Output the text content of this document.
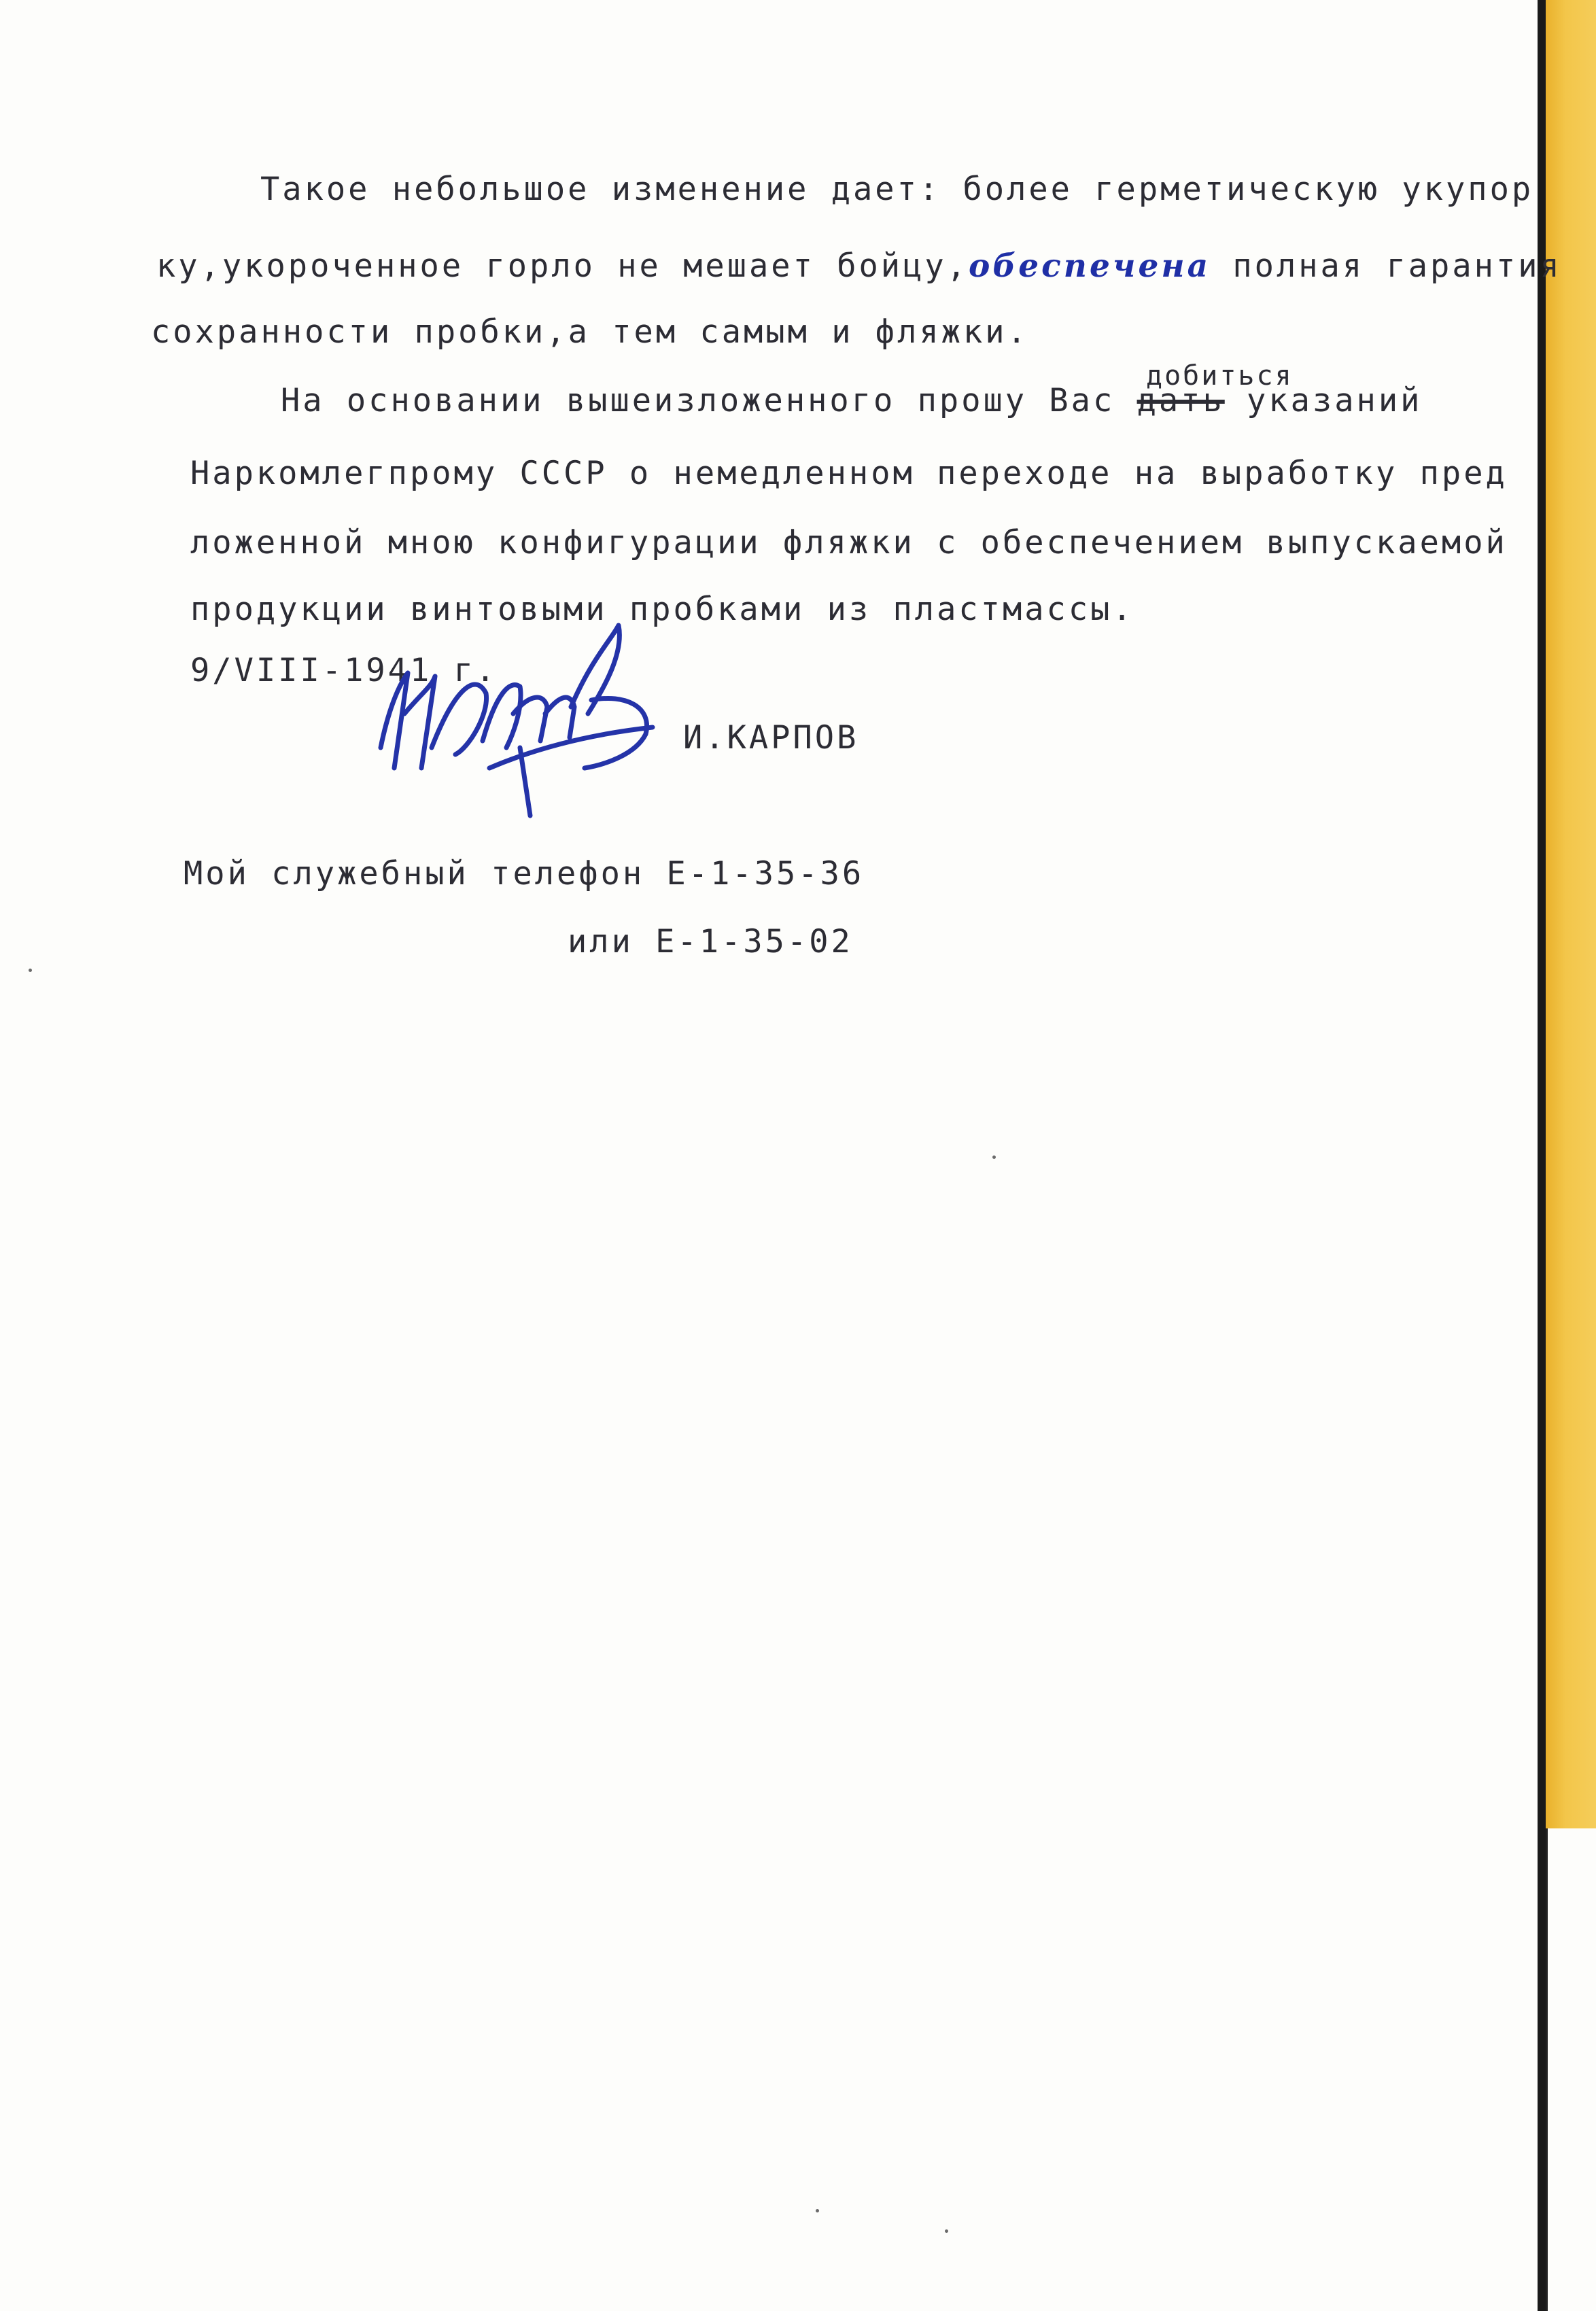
Такое небольшое изменение дает: более герметическую укупор
ку,укороченное горло не мешает бойцу,обеспечена полная гарантия
сохранности пробки,а тем самым и фляжки.
добиться
На основании вышеизложенного прошу Вас дать указаний
Наркомлегпрому СССР о немедленном переходе на выработку пред
ложенной мною конфигурации фляжки с обеспечением выпускаемой
продукции винтовыми пробками из пластмассы.
9/VIII-1941 г.
И.КАРПОВ
Мой служебный телефон Е-1-35-36
или Е-1-35-02
